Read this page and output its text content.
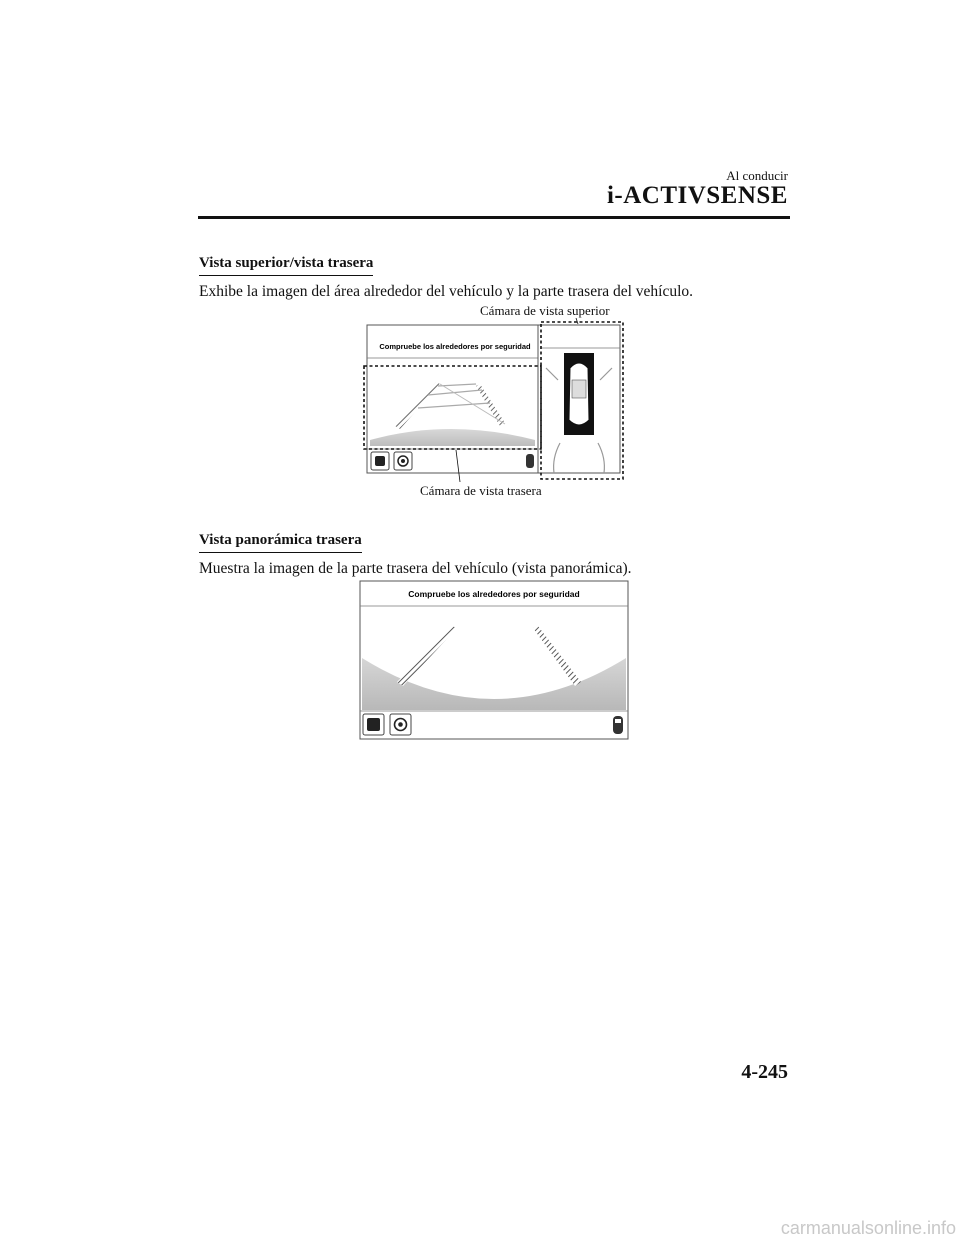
Al conducir
i-ACTIVSENSE
Vista superior/vista trasera
Exhibe la imagen del área alrededor del vehículo y la parte trasera del vehículo.
Cámara de vista superior
Cámara de vista trasera
Compruebe los alrededores por seguridad
Vista panorámica trasera
Muestra la imagen de la parte trasera del vehículo (vista panorámica).
Compruebe los alrededores por seguridad
4-245
carmanualsonline.info
